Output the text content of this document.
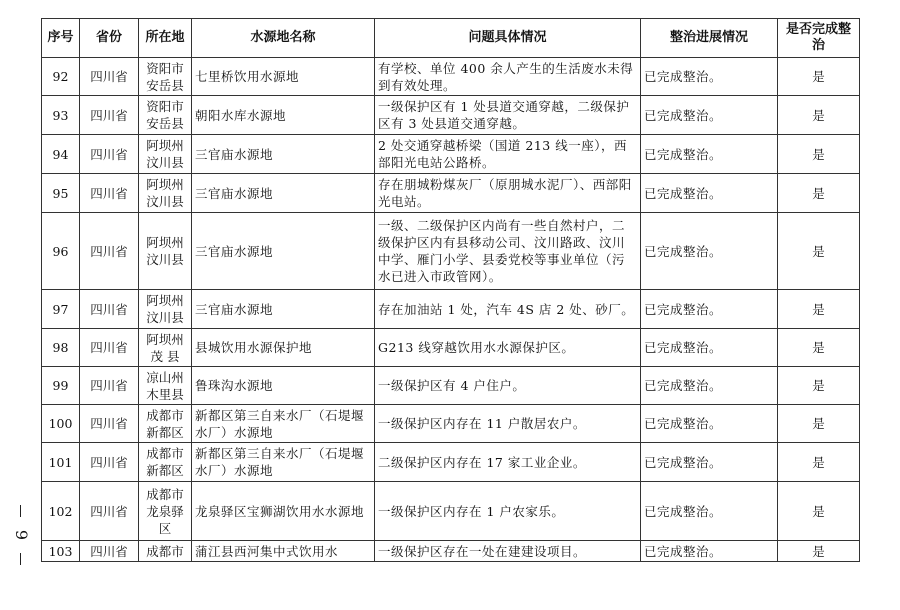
9
序号	省份	所在地	水源地名称	问题具体情况	整治进展情况	是否完成整治
92	四川省	资阳市安岳县	七里桥饮用水源地	有学校、单位 400 余人产生的生活废水未得到有效处理。	已完成整治。	是
93	四川省	资阳市安岳县	朝阳水库水源地	一级保护区有 1 处县道交通穿越，二级保护区有 3 处县道交通穿越。	已完成整治。	是
94	四川省	阿坝州汶川县	三官庙水源地	2 处交通穿越桥梁（国道 213 线一座），西部阳光电站公路桥。	已完成整治。	是
95	四川省	阿坝州汶川县	三官庙水源地	存在朋城粉煤灰厂（原朋城水泥厂）、西部阳光电站。	已完成整治。	是
96	四川省	阿坝州汶川县	三官庙水源地	一级、二级保护区内尚有一些自然村户，二级保护区内有县移动公司、汶川路政、汶川中学、雁门小学、县委党校等事业单位（污水已进入市政管网）。	已完成整治。	是
97	四川省	阿坝州汶川县	三官庙水源地	存在加油站 1 处，汽车 4S 店 2 处、砂厂。	已完成整治。	是
98	四川省	阿坝州茂 县	县城饮用水源保护地	G213 线穿越饮用水水源保护区。	已完成整治。	是
99	四川省	凉山州木里县	鲁珠沟水源地	一级保护区有 4 户住户。	已完成整治。	是
100	四川省	成都市新都区	新都区第三自来水厂（石堤堰水厂）水源地	一级保护区内存在 11 户散居农户。	已完成整治。	是
101	四川省	成都市新都区	新都区第三自来水厂（石堤堰水厂）水源地	二级保护区内存在 17 家工业企业。	已完成整治。	是
102	四川省	成都市龙泉驿区	龙泉驿区宝狮湖饮用水水源地	一级保护区内存在 1 户农家乐。	已完成整治。	是
103	四川省	成都市	蒲江县西河集中式饮用水	一级保护区存在一处在建建设项目。	已完成整治。	是
